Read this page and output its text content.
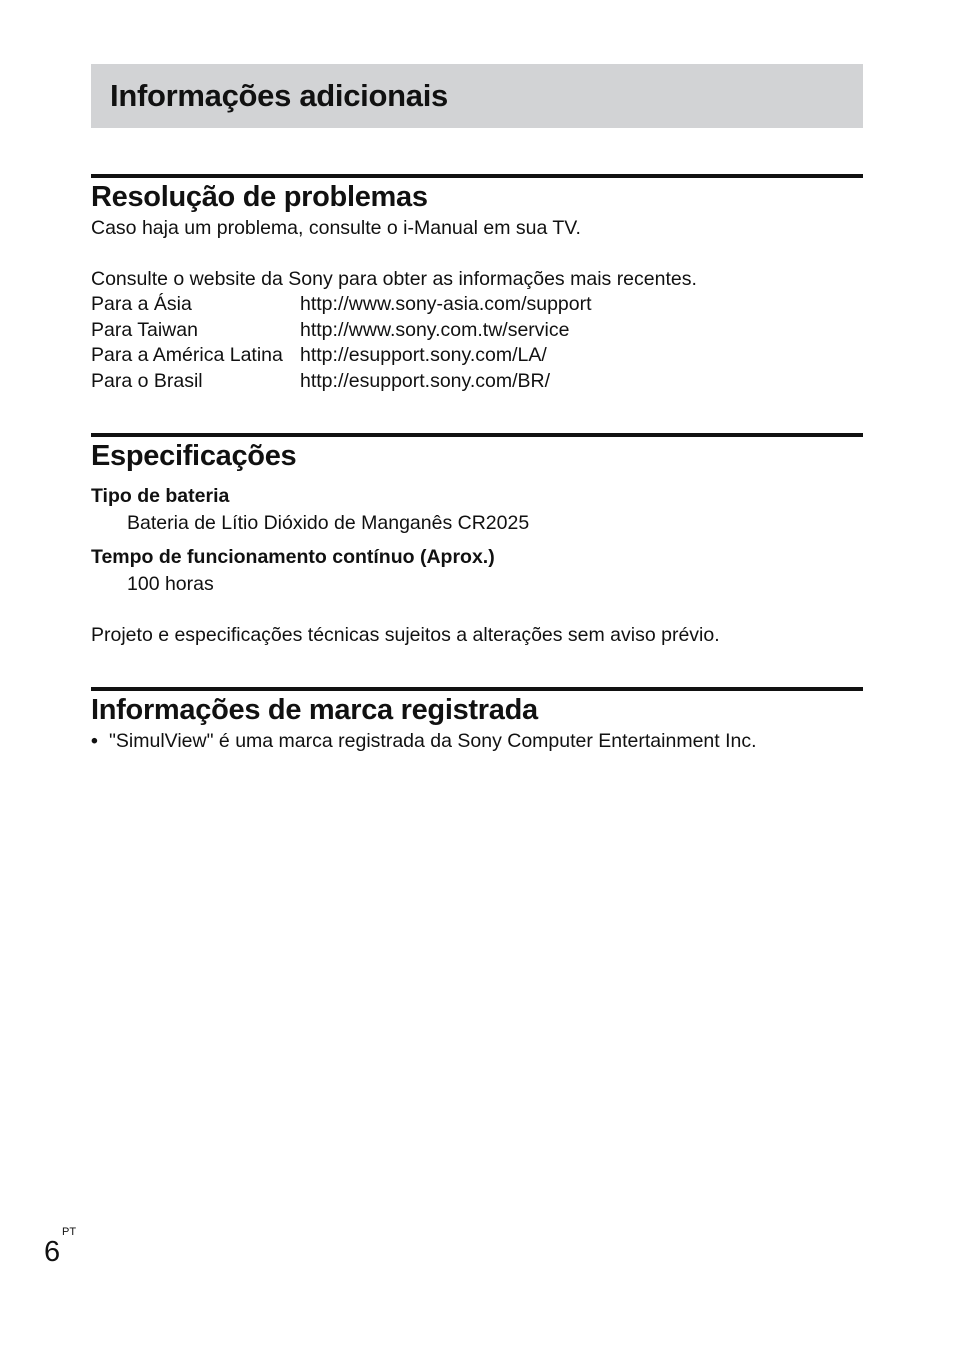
Informações adicionais
Resolução de problemas

Caso haja um problema, consulte o i-Manual em sua TV.

Consulte o website da Sony para obter as informações mais recentes.

Para a Ásia	http://www.sony-asia.com/support
Para Taiwan	http://www.sony.com.tw/service
Para a América Latina	http://esupport.sony.com/LA/
Para o Brasil	http://esupport.sony.com/BR/
Especificações

Tipo de bateria

Bateria de Lítio Dióxido de Manganês CR2025

Tempo de funcionamento contínuo (Aprox.)

100 horas

Projeto e especificações técnicas sujeitos a alterações sem aviso prévio.

Informações de marca registrada
• "SimulView" é uma marca registrada da Sony Computer Entertainment Inc.
PT
6
